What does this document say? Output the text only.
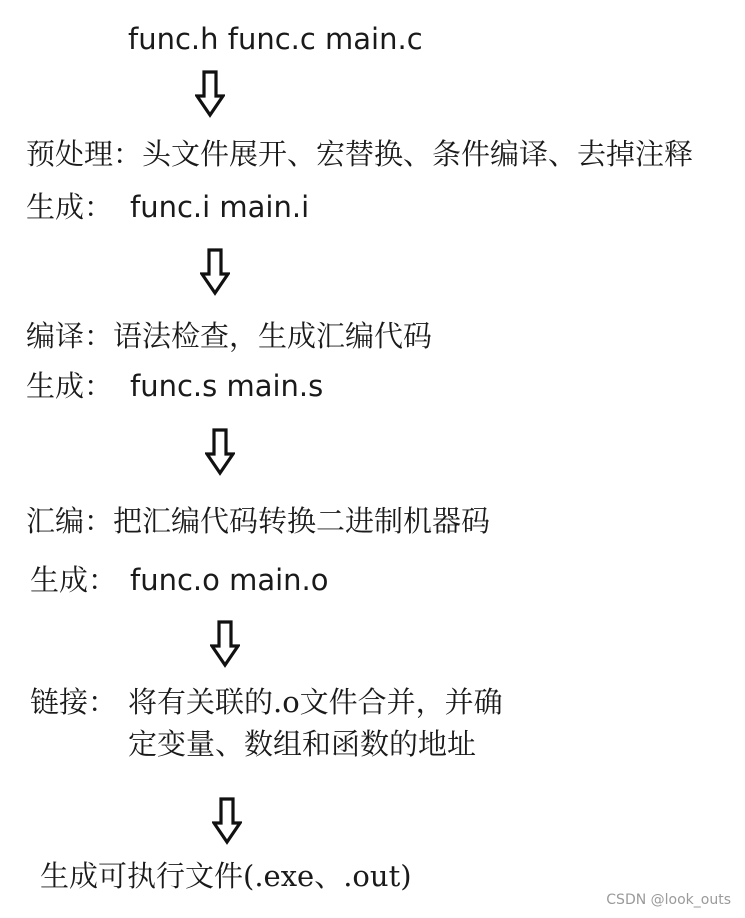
func.h func.c main.c
预处理：头文件展开、宏替换、条件编译、去掉注释
生成： func.i main.i
编译：语法检查，生成汇编代码
生成： func.s main.s
汇编：把汇编代码转换二进制机器码
生成： func.o main.o
链接： 将有关联的.o文件合并，并确
定变量、数组和函数的地址
生成可执行文件(.exe、.out)
CSDN @look_outs
